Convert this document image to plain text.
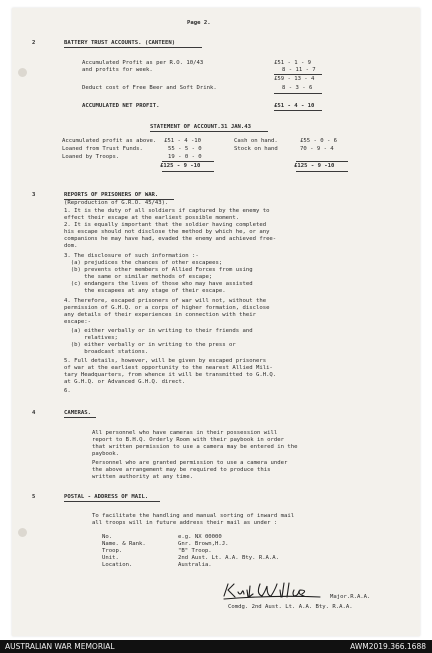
Page 2.
2	BATTERY TRUST ACCOUNTS. (CANTEEN)
Accumulated Profit as per R.O. 10/43	£51 - 1 - 9
and profits for week.	8 - 11 - 7
£59 - 13 - 4
Deduct cost of Free Beer and Soft Drink.	8 - 3 - 6
ACCUMULATED NET PROFIT.	£51 - 4 - 10
STATEMENT OF ACCOUNT.31 JAN.43
Accumulated profit as above. £51 - 4 -10	Cash on hand.	£55 - 0 - 6
Loaned from Trust Funds.	55 - 5 - 0	Stock on hand	70 - 9 - 4
Loaned by Troops.	19 - 0 - 0
£125 - 9 -10	£125 - 9 -10
3	REPORTS OF PRISONERS OF WAR.
(Reproduction of G.R.O. 45/43).
1. It is the duty of all soldiers if captured by the enemy to
effect their escape at the earliest possible moment.
2. It is equally important that the soldier having completed
his escape should not disclose the method by which he, or any
companions he may have had, evaded the enemy and achieved free-
dom.
3. The disclosure of such information :-
(a) prejudices the chances of other escapees;
(b) prevents other members of Allied Forces from using
the same or similar methods of escape;
(c) endangers the lives of those who may have assisted
the escapees at any stage of their escape.
4. Therefore, escaped prisoners of war will not, without the
permission of G.H.Q. or a corps of higher formation, disclose
any details of their experiences in connection with their
escape:-
(a) either verbally or in writing to their friends and
relatives;
(b) either verbally or in writing to the press or
broadcast stations.
5. Full details, however, will be given by escaped prisoners
of war at the earliest opportunity to the nearest Allied Mili-
tary Headquarters, from whence it will be transmitted to G.H.Q.
at G.H.Q. or Advanced G.H.Q. direct.
6.
4	CAMERAS.
All personnel who have cameras in their possession will
report to B.H.Q. Orderly Room with their paybook in order
that written permission to use a camera may be entered in the
paybook.
Personnel who are granted permission to use a camera under
the above arrangement may be required to produce this
written authority at any time.
5	POSTAL - ADDRESS OF MAIL.
To facilitate the handling and manual sorting of inward mail
all troops will in future address their mail as under :
No.	e.g. NX 00000
Name. & Rank.	Gnr. Brown,H.J.
Troop.	"B" Troop.
Unit.	2nd Aust. Lt. A.A. Bty. R.A.A.
Location.	Australia.
Major.R.A.A.
Comdg. 2nd Aust. Lt. A.A. Bty. R.A.A.
AUSTRALIAN WAR MEMORIAL	AWM2019.366.1688
